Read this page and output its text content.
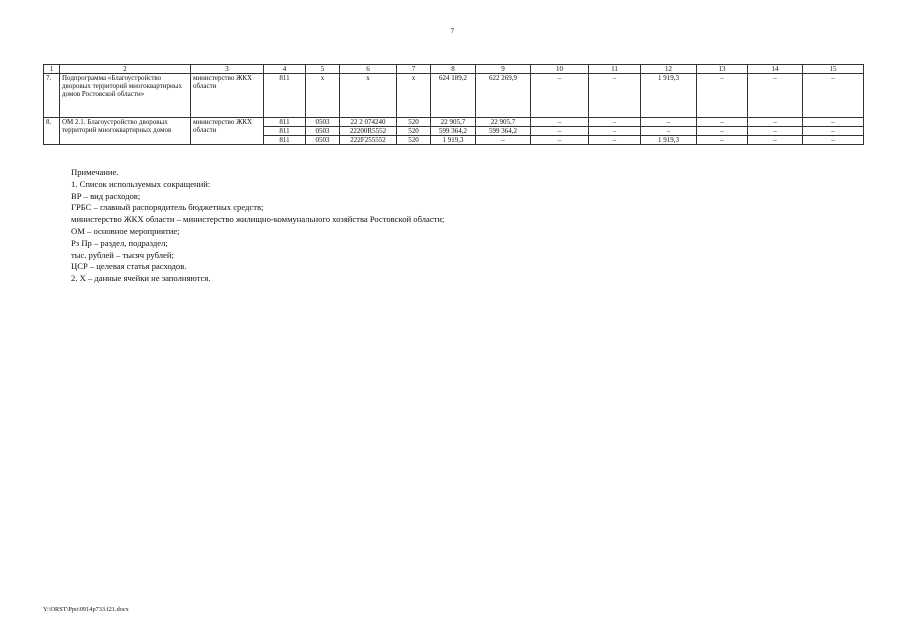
7
1	2	3	4	5	6	7	8	9	10	11	12	13	14	15
7.	Подпрограмма «Благоустройство дворовых территорий многоквартирных домов Ростовской области»	министерство ЖКХ области	811	x	x	x	624 189,2	622 269,9	–	–	1 919,3	–	–	–
8.	ОМ 2.1. Благоустройство дворовых территорий многоквартирных домов	министерство ЖКХ области	811	0503	22 2 074240	520	22 905,7	22 905,7	–	–	–	–	–	–
			811	0503	22200R5552	520	599 364,2	599 364,2	–	–	–	–	–	–
			811	0503	222F255552	520	1 919,3	–	–	–	1 919,3	–	–	–
Примечание.
1. Список используемых сокращений:
ВР – вид расходов;
ГРБС – главный распорядитель бюджетных средств;
министерство ЖКХ области – министерство жилищно-коммунального хозяйства Ростовской области;
ОМ – основное мероприятие;
Рз Пр – раздел, подраздел;
тыс. рублей – тысяч рублей;
ЦСР – целевая статья расходов.
2. Х – данные ячейки не заполняются.
Y:\ORST\Ppo\0914p733.f21.docx
